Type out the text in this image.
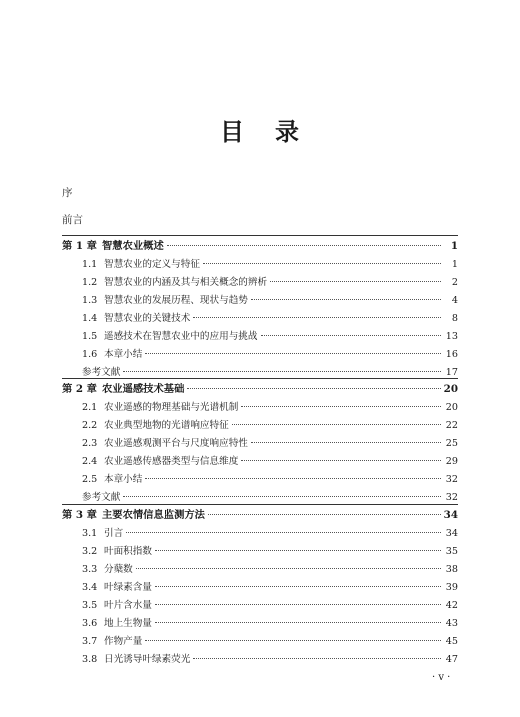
目 录
序
前言
第 1 章 智慧农业概述	1
1.1 智慧农业的定义与特征	1
1.2 智慧农业的内涵及其与相关概念的辨析	2
1.3 智慧农业的发展历程、现状与趋势	4
1.4 智慧农业的关键技术	8
1.5 遥感技术在智慧农业中的应用与挑战	13
1.6 本章小结	16
参考文献	17
第 2 章 农业遥感技术基础	20
2.1 农业遥感的物理基础与光谱机制	20
2.2 农业典型地物的光谱响应特征	22
2.3 农业遥感观测平台与尺度响应特性	25
2.4 农业遥感传感器类型与信息维度	29
2.5 本章小结	32
参考文献	32
第 3 章 主要农情信息监测方法	34
3.1 引言	34
3.2 叶面积指数	35
3.3 分蘖数	38
3.4 叶绿素含量	39
3.5 叶片含水量	42
3.6 地上生物量	43
3.7 作物产量	45
3.8 日光诱导叶绿素荧光	47
· v ·
